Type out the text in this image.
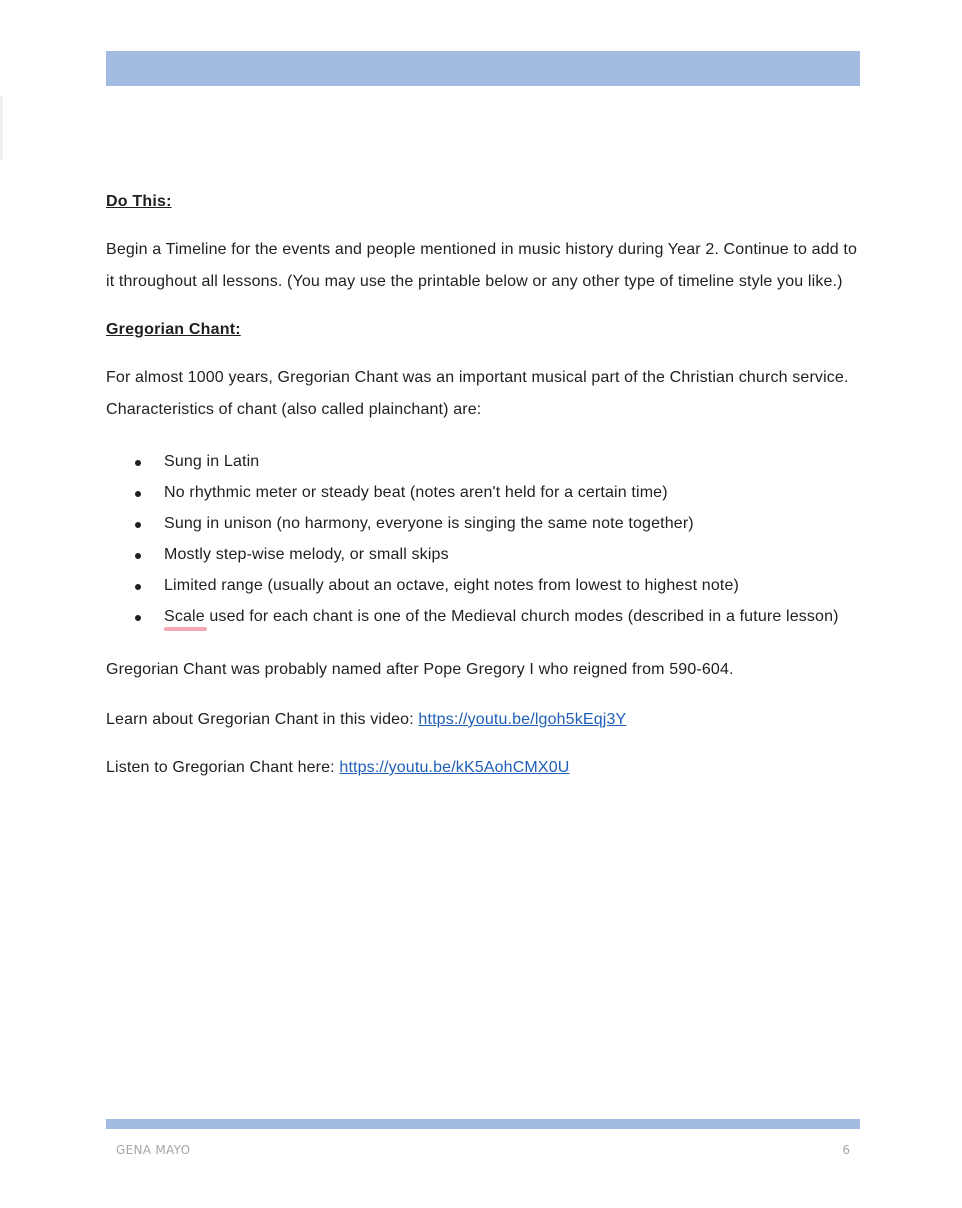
Do This:

Begin a Timeline for the events and people mentioned in music history during Year 2. Continue to add to it throughout all lessons. (You may use the printable below or any other type of timeline style you like.)

Gregorian Chant:

For almost 1000 years, Gregorian Chant was an important musical part of the Christian church service. Characteristics of chant (also called plainchant) are:

Sung in Latin
No rhythmic meter or steady beat (notes aren't held for a certain time)
Sung in unison (no harmony, everyone is singing the same note together)
Mostly step-wise melody, or small skips
Limited range (usually about an octave, eight notes from lowest to highest note)
Scale used for each chant is one of the Medieval church modes (described in a future lesson)

Gregorian Chant was probably named after Pope Gregory I who reigned from 590-604.

Learn about Gregorian Chant in this video: https://youtu.be/lgoh5kEqj3Y

Listen to Gregorian Chant here: https://youtu.be/kK5AohCMX0U

GENA MAYO	6
